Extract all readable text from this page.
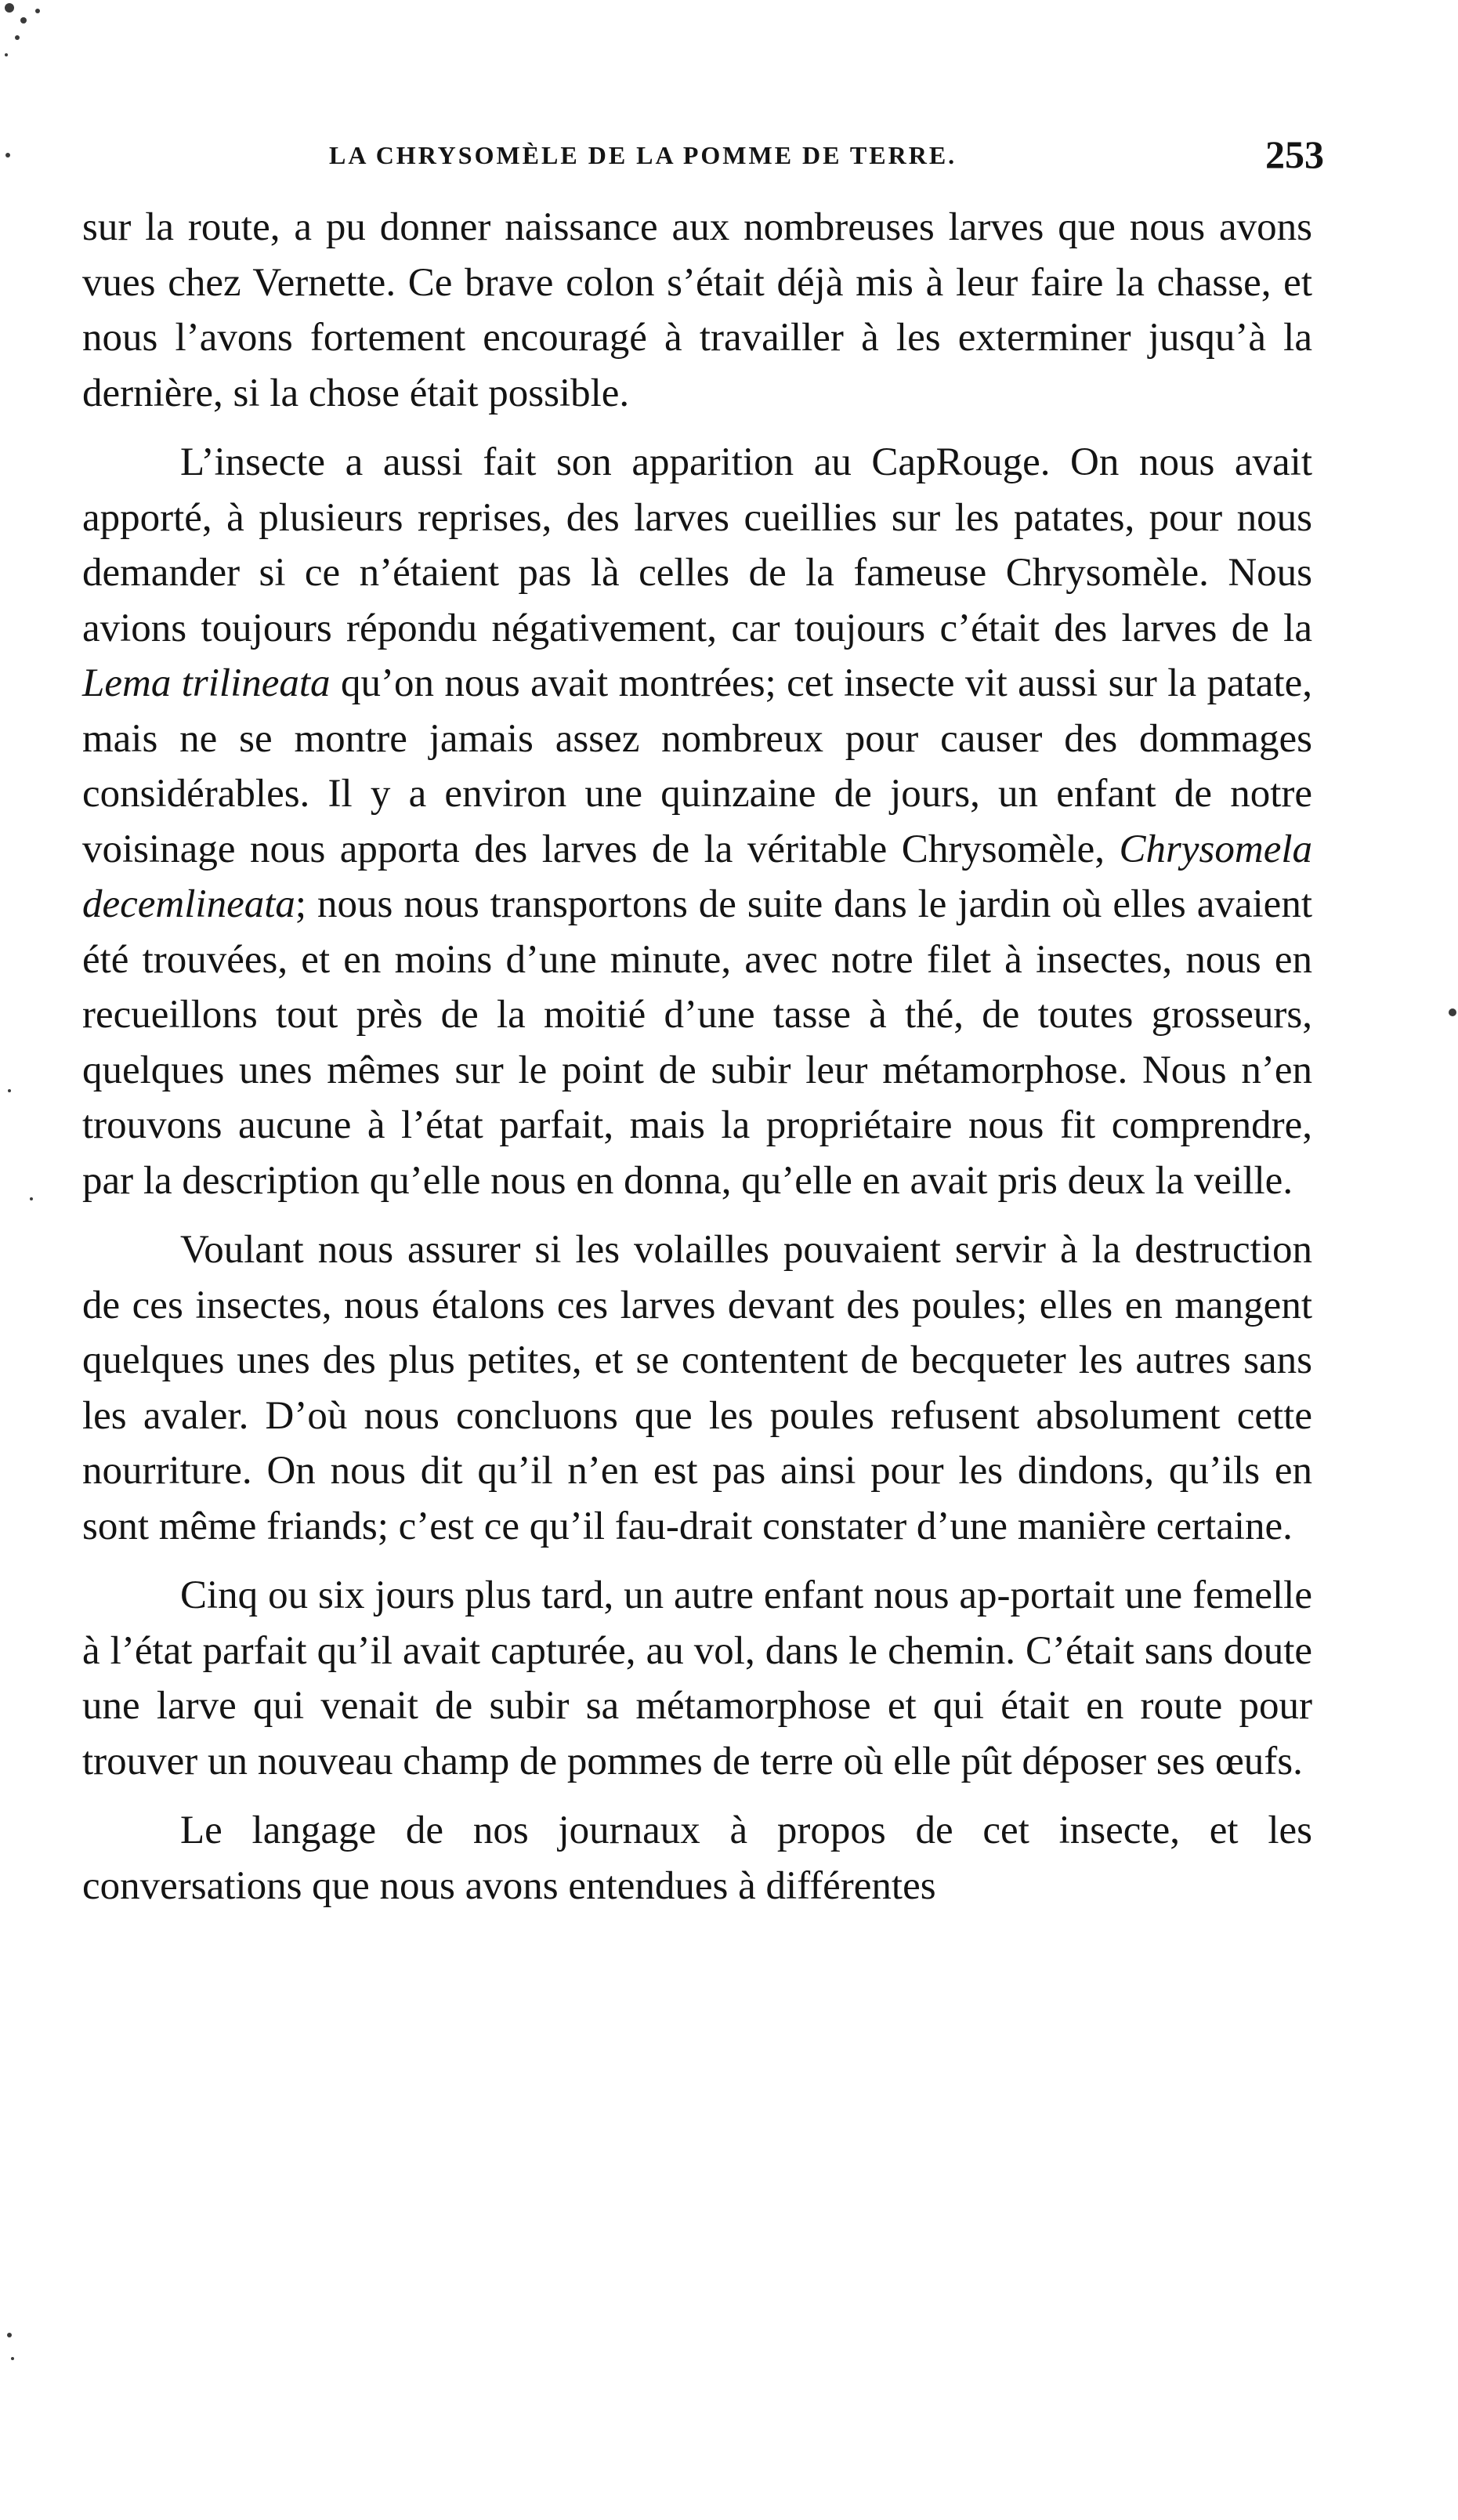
LA CHRYSOMÈLE DE LA POMME DE TERRE.	253

sur la route, a pu donner naissance aux nombreuses larves que nous avons vues chez Vernette. Ce brave colon s’était déjà mis à leur faire la chasse, et nous l’avons fortement encouragé à travailler à les exterminer jusqu’à la dernière, si la chose était possible.

L’insecte a aussi fait son apparition au CapRouge. On nous avait apporté, à plusieurs reprises, des larves cueillies sur les patates, pour nous demander si ce n’étaient pas là celles de la fameuse Chrysomèle. Nous avions toujours répondu négativement, car toujours c’était des larves de la Lema trilineata qu’on nous avait montrées; cet insecte vit aussi sur la patate, mais ne se montre jamais assez nombreux pour causer des dommages considérables. Il y a environ une quinzaine de jours, un enfant de notre voisinage nous apporta des larves de la véritable Chrysomèle, Chrysomela decemlineata; nous nous transportons de suite dans le jardin où elles avaient été trouvées, et en moins d’une minute, avec notre filet à insectes, nous en recueillons tout près de la moitié d’une tasse à thé, de toutes grosseurs, quelques unes mêmes sur le point de subir leur métamorphose. Nous n’en trouvons aucune à l’état parfait, mais la propriétaire nous fit comprendre, par la description qu’elle nous en donna, qu’elle en avait pris deux la veille.

Voulant nous assurer si les volailles pouvaient servir à la destruction de ces insectes, nous étalons ces larves devant des poules; elles en mangent quelques unes des plus petites, et se contentent de becqueter les autres sans les avaler. D’où nous concluons que les poules refusent absolument cette nourriture. On nous dit qu’il n’en est pas ainsi pour les dindons, qu’ils en sont même friands; c’est ce qu’il fau-drait constater d’une manière certaine.

Cinq ou six jours plus tard, un autre enfant nous ap-portait une femelle à l’état parfait qu’il avait capturée, au vol, dans le chemin. C’était sans doute une larve qui venait de subir sa métamorphose et qui était en route pour trouver un nouveau champ de pommes de terre où elle pût déposer ses œufs.

Le langage de nos journaux à propos de cet insecte, et les conversations que nous avons entendues à différentes
